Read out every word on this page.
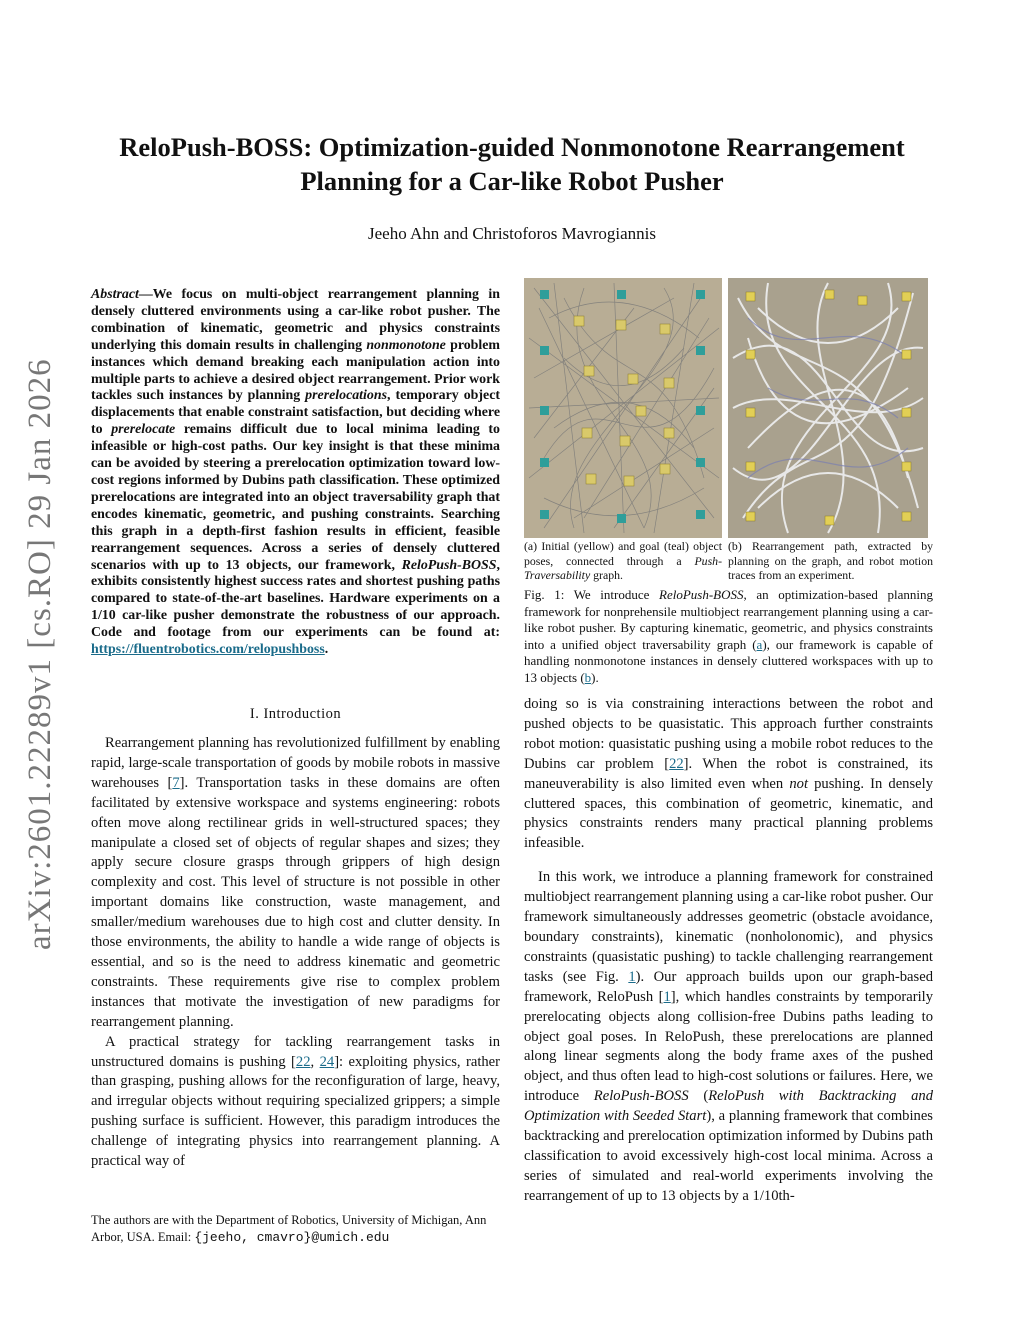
arXiv:2601.22289v1 [cs.RO] 29 Jan 2026
ReloPush-BOSS: Optimization-guided Nonmonotone Rearrangement
Planning for a Car-like Robot Pusher
Jeeho Ahn and Christoforos Mavrogiannis
Abstract—We focus on multi-object rearrangement planning in densely cluttered environments using a car-like robot pusher. The combination of kinematic, geometric and physics constraints underlying this domain results in challenging nonmonotone problem instances which demand breaking each manipulation action into multiple parts to achieve a desired object rearrangement. Prior work tackles such instances by planning prerelocations, temporary object displacements that enable constraint satisfaction, but deciding where to prerelocate remains difficult due to local minima leading to infeasible or high-cost paths. Our key insight is that these minima can be avoided by steering a prerelocation optimization toward low-cost regions informed by Dubins path classification. These optimized prerelocations are integrated into an object traversability graph that encodes kinematic, geometric, and pushing constraints. Searching this graph in a depth-first fashion results in efficient, feasible rearrangement sequences. Across a series of densely cluttered scenarios with up to 13 objects, our framework, ReloPush-BOSS, exhibits consistently highest success rates and shortest pushing paths compared to state-of-the-art baselines. Hardware experiments on a 1/10 car-like pusher demonstrate the robustness of our approach. Code and footage from our experiments can be found at: https://fluentrobotics.com/relopushboss.
I. Introduction

Rearrangement planning has revolutionized fulfillment by enabling rapid, large-scale transportation of goods by mobile robots in massive warehouses [7]. Transportation tasks in these domains are often facilitated by extensive workspace and systems engineering: robots often move along rectilinear grids in well-structured spaces; they manipulate a closed set of objects of regular shapes and sizes; they apply secure closure grasps through grippers of high design complexity and cost. This level of structure is not possible in other important domains like construction, waste management, and smaller/medium warehouses due to high cost and clutter density. In those environments, the ability to handle a wide range of objects is essential, and so is the need to address kinematic and geometric constraints. These requirements give rise to complex problem instances that motivate the investigation of new paradigms for rearrangement planning.

A practical strategy for tackling rearrangement tasks in unstructured domains is pushing [22, 24]: exploiting physics, rather than grasping, pushing allows for the reconfiguration of large, heavy, and irregular objects without requiring specialized grippers; a simple pushing surface is sufficient. However, this paradigm introduces the challenge of integrating physics into rearrangement planning. A practical way of

The authors are with the Department of Robotics, University of Michigan, Ann Arbor, USA. Email: {jeeho, cmavro}@umich.edu
(a) Initial (yellow) and goal (teal) object poses, connected through a Push-Traversability graph.
(b) Rearrangement path, extracted by planning on the graph, and robot motion traces from an experiment.
Fig. 1: We introduce ReloPush-BOSS, an optimization-based planning framework for nonprehensile multiobject rearrangement planning using a car-like robot pusher. By capturing kinematic, geometric, and physics constraints into a unified object traversability graph (a), our framework is capable of handling nonmonotone instances in densely cluttered workspaces with up to 13 objects (b).

doing so is via constraining interactions between the robot and pushed objects to be quasistatic. This approach further constraints robot motion: quasistatic pushing using a mobile robot reduces to the Dubins car problem [22]. When the robot is constrained, its maneuverability is also limited even when not pushing. In densely cluttered spaces, this combination of geometric, kinematic, and physics constraints renders many practical planning problems infeasible.

In this work, we introduce a planning framework for constrained multiobject rearrangement planning using a car-like robot pusher. Our framework simultaneously addresses geometric (obstacle avoidance, boundary constraints), kinematic (nonholonomic), and physics constraints (quasistatic pushing) to tackle challenging rearrangement tasks (see Fig. 1). Our approach builds upon our graph-based framework, ReloPush [1], which handles constraints by temporarily prerelocating objects along collision-free Dubins paths leading to object goal poses. In ReloPush, these prerelocations are planned along linear segments along the body frame axes of the pushed object, and thus often lead to high-cost solutions or failures. Here, we introduce ReloPush-BOSS (ReloPush with Backtracking and Optimization with Seeded Start), a planning framework that combines backtracking and prerelocation optimization informed by Dubins path classification to avoid excessively high-cost local minima. Across a series of simulated and real-world experiments involving the rearrangement of up to 13 objects by a 1/10th-
